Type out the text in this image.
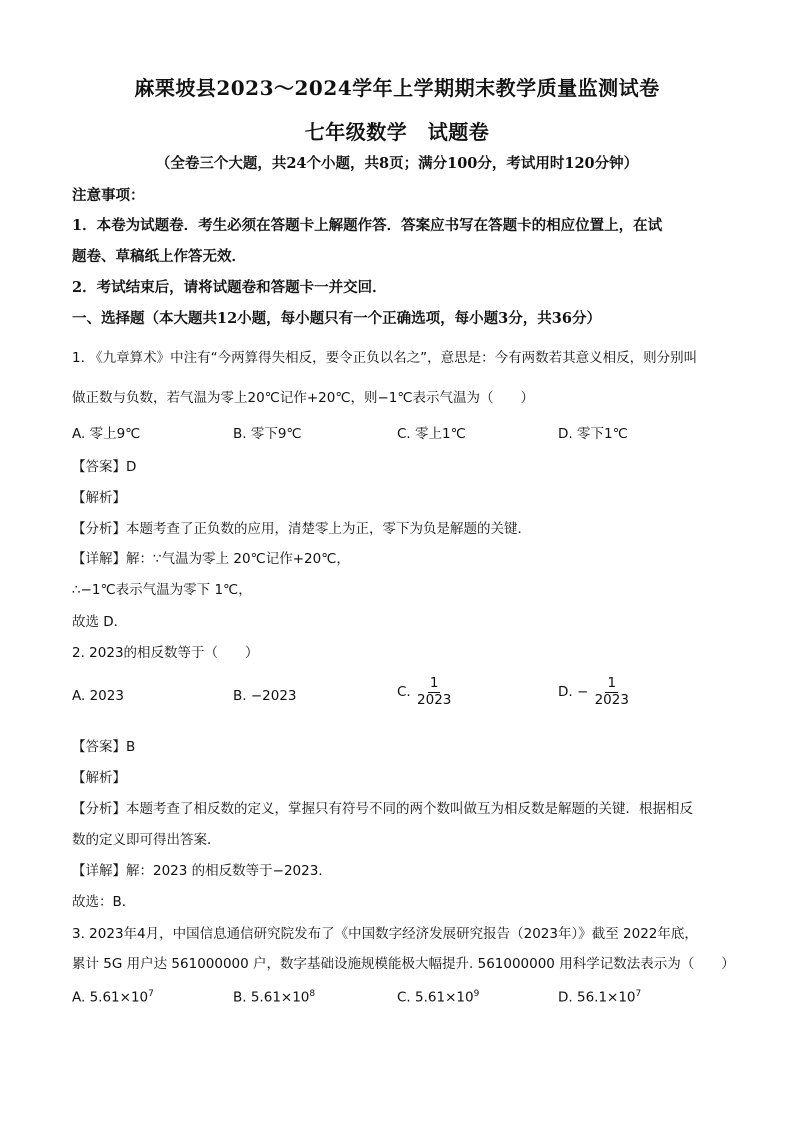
麻栗坡县2023～2024学年上学期期末教学质量监测试卷
七年级数学　试题卷
（全卷三个大题，共24个小题，共8页；满分100分，考试用时120分钟）
注意事项：
1．本卷为试题卷．考生必须在答题卡上解题作答．答案应书写在答题卡的相应位置上，在试
题卷、草稿纸上作答无效．
2．考试结束后，请将试题卷和答题卡一并交回．
一、选择题（本大题共12小题，每小题只有一个正确选项，每小题3分，共36分）
1. 《九章算术》中注有“今两算得失相反，要令正负以名之”，意思是：今有两数若其意义相反，则分别叫
做正数与负数，若气温为零上20℃记作+20℃，则−1℃表示气温为（　　）
A. 零上9℃	B. 零下9℃	C. 零上1℃	D. 零下1℃
【答案】D
【解析】
【分析】本题考查了正负数的应用，清楚零上为正，零下为负是解题的关键．
【详解】解：∵气温为零上 20℃记作+20℃，
∴−1℃表示气温为零下 1℃，
故选 D．
2. 2023的相反数等于（　　）
A. 2023	B. −2023	C. $\frac{1}{2023}$	D. − $\frac{1}{2023}$
【答案】B
【解析】
【分析】本题考查了相反数的定义，掌握只有符号不同的两个数叫做互为相反数是解题的关键．根据相反
数的定义即可得出答案．
【详解】解：2023 的相反数等于−2023．
故选：B．
3. 2023年4月，中国信息通信研究院发布了《中国数字经济发展研究报告（2023年）》截至 2022年底，
累计 5G 用户达 561000000 户，数字基础设施规模能极大幅提升. 561000000 用科学记数法表示为（　　）
A. $5.61\times 10^7$	B. $5.61\times 10^8$	C. $5.61\times 10^9$	D. $56.1\times 10^7$
